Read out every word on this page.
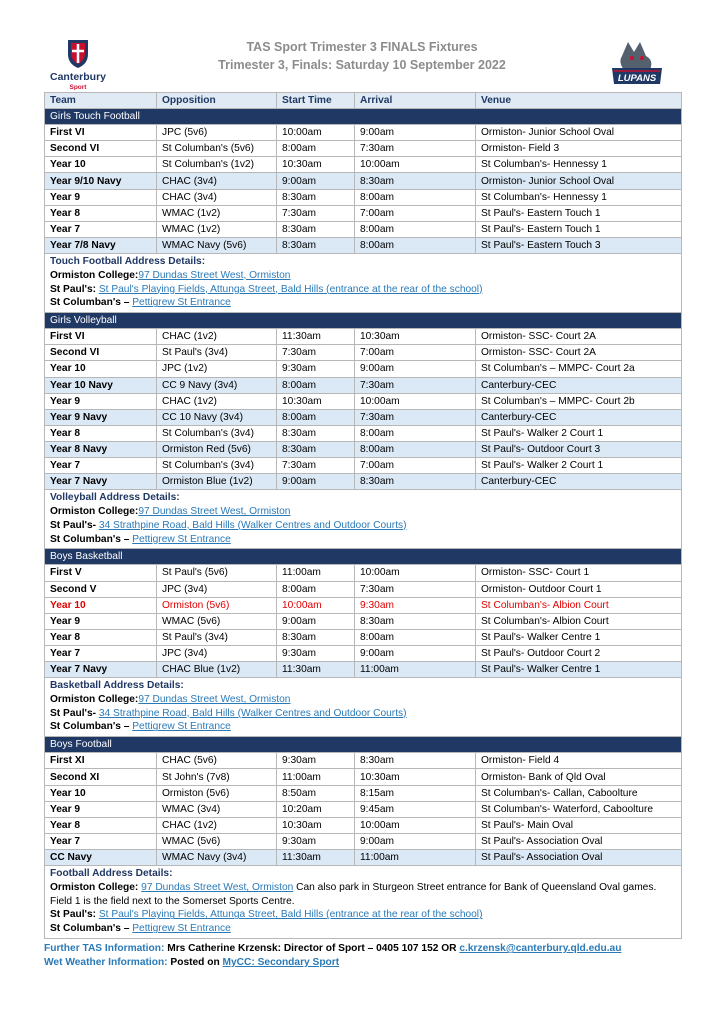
Canterbury
Sport
TAS Sport Trimester 3 FINALS Fixtures
Trimester 3, Finals: Saturday 10 September 2022
LUPANS
Team	Opposition	Start Time	Arrival	Venue
Girls Touch Football				
First VI	JPC (5v6)	10:00am	9:00am	Ormiston- Junior School Oval
Second VI	St Columban's (5v6)	8:00am	7:30am	Ormiston- Field 3
Year 10	St Columban's (1v2)	10:30am	10:00am	St Columban's- Hennessy 1
Year 9/10 Navy	CHAC (3v4)	9:00am	8:30am	Ormiston- Junior School Oval
Year 9	CHAC (3v4)	8:30am	8:00am	St Columban's- Hennessy 1
Year 8	WMAC (1v2)	7:30am	7:00am	St Paul's- Eastern Touch 1
Year 7	WMAC (1v2)	8:30am	8:00am	St Paul's- Eastern Touch 1
Year 7/8 Navy	WMAC Navy (5v6)	8:30am	8:00am	St Paul's- Eastern Touch 3

Touch Football Address Details:
Ormiston College:97 Dundas Street West, Ormiston
St Paul's: St Paul's Playing Fields, Attunga Street, Bald Hills (entrance at the rear of the school)
St Columban's – Pettigrew St Entrance				

Girls Volleyball				
First VI	CHAC (1v2)	11:30am	10:30am	Ormiston- SSC- Court 2A
Second VI	St Paul's (3v4)	7:30am	7:00am	Ormiston- SSC- Court 2A
Year 10	JPC (1v2)	9:30am	9:00am	St Columban's – MMPC- Court 2a
Year 10 Navy	CC 9 Navy (3v4)	8:00am	7:30am	Canterbury-CEC
Year 9	CHAC (1v2)	10:30am	10:00am	St Columban's – MMPC- Court 2b
Year 9 Navy	CC 10 Navy (3v4)	8:00am	7:30am	Canterbury-CEC
Year 8	St Columban's (3v4)	8:30am	8:00am	St Paul's- Walker 2 Court 1
Year 8 Navy	Ormiston Red (5v6)	8:30am	8:00am	St Paul's- Outdoor Court 3
Year 7	St Columban's (3v4)	7:30am	7:00am	St Paul's- Walker 2 Court 1
Year 7 Navy	Ormiston Blue (1v2)	9:00am	8:30am	Canterbury-CEC

Volleyball Address Details:
Ormiston College:97 Dundas Street West, Ormiston
St Paul's- 34 Strathpine Road, Bald Hills (Walker Centres and Outdoor Courts)
St Columban's – Pettigrew St Entrance				

Boys Basketball				
First V	St Paul's (5v6)	11:00am	10:00am	Ormiston- SSC- Court 1
Second V	JPC (3v4)	8:00am	7:30am	Ormiston- Outdoor Court 1
Year 10	Ormiston (5v6)	10:00am	9:30am	St Columban's- Albion Court
Year 9	WMAC (5v6)	9:00am	8:30am	St Columban's- Albion Court
Year 8	St Paul's (3v4)	8:30am	8:00am	St Paul's- Walker Centre 1
Year 7	JPC (3v4)	9:30am	9:00am	St Paul's- Outdoor Court 2
Year 7 Navy	CHAC Blue (1v2)	11:30am	11:00am	St Paul's- Walker Centre 1

Basketball Address Details:
Ormiston College:97 Dundas Street West, Ormiston
St Paul's- 34 Strathpine Road, Bald Hills (Walker Centres and Outdoor Courts)
St Columban's – Pettigrew St Entrance				

Boys Football				
First XI	CHAC (5v6)	9:30am	8:30am	Ormiston- Field 4
Second XI	St John's (7v8)	11:00am	10:30am	Ormiston- Bank of Qld Oval
Year 10	Ormiston (5v6)	8:50am	8:15am	St Columban's- Callan, Caboolture
Year 9	WMAC (3v4)	10:20am	9:45am	St Columban's- Waterford, Caboolture
Year 8	CHAC (1v2)	10:30am	10:00am	St Paul's- Main Oval
Year 7	WMAC (5v6)	9:30am	9:00am	St Paul's- Association Oval
CC Navy	WMAC Navy (3v4)	11:30am	11:00am	St Paul's- Association Oval

Football Address Details:
Ormiston College: 97 Dundas Street West, Ormiston Can also park in Sturgeon Street entrance for Bank of Queensland Oval games. Field 1 is the field next to the Somerset Sports Centre.
St Paul's: St Paul's Playing Fields, Attunga Street, Bald Hills (entrance at the rear of the school)
St Columban's – Pettigrew St Entrance				
Further TAS Information: Mrs Catherine Krzensk: Director of Sport – 0405 107 152 OR c.krzensk@canterbury.qld.edu.au
Wet Weather Information: Posted on MyCC: Secondary Sport
